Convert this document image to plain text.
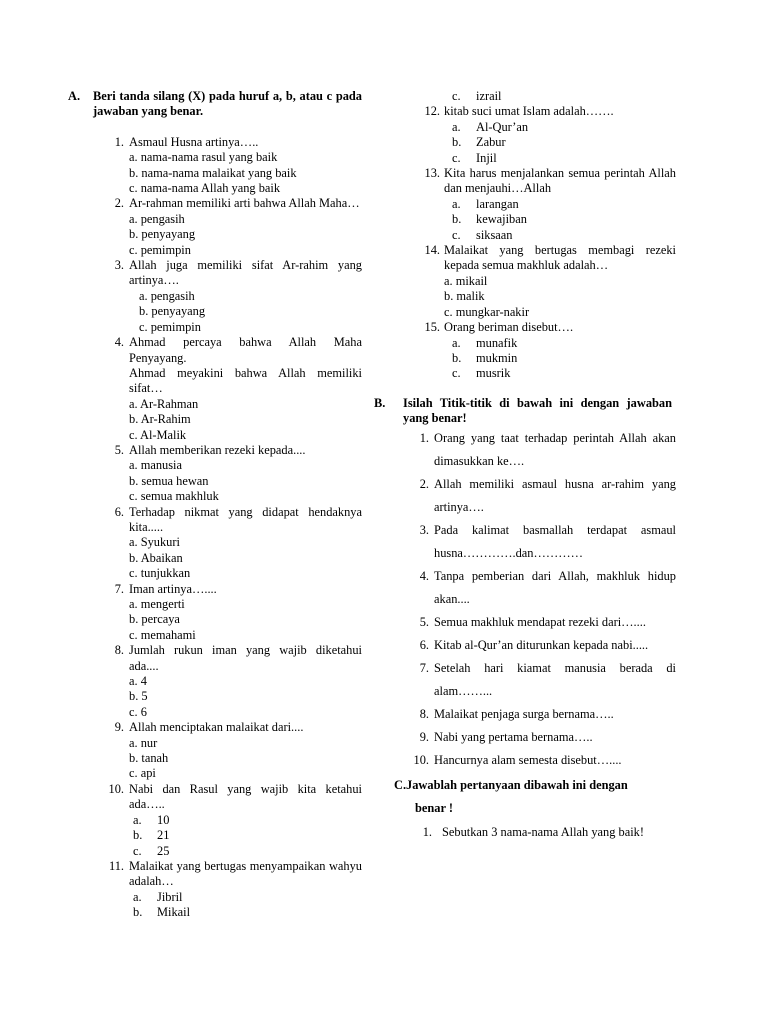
A. Beri tanda silang (X) pada huruf a, b, atau c pada jawaban yang benar.
1. Asmaul Husna artinya…..
a. nama-nama rasul yang baik
b. nama-nama malaikat yang baik
c. nama-nama Allah yang baik
2. Ar-rahman memiliki arti bahwa Allah Maha…
a. pengasih
b. penyayang
c. pemimpin
3. Allah juga memiliki sifat Ar-rahim yang artinya….
a. pengasih
b. penyayang
c. pemimpin
4. Ahmad percaya bahwa Allah Maha Penyayang.
Ahmad meyakini bahwa Allah memiliki sifat…
a. Ar-Rahman
b. Ar-Rahim
c. Al-Malik
5. Allah memberikan rezeki kepada....
a. manusia
b. semua hewan
c. semua makhluk
6. Terhadap nikmat yang didapat hendaknya kita.....
a. Syukuri
b. Abaikan
c. tunjukkan
7. Iman artinya…....
a. mengerti
b. percaya
c. memahami
8. Jumlah rukun iman yang wajib diketahui ada....
a. 4
b. 5
c. 6
9. Allah menciptakan malaikat dari....
a. nur
b. tanah
c. api
10. Nabi dan Rasul yang wajib kita ketahui ada…..
a.	10
b.	21
c.	25
11. Malaikat yang bertugas menyampaikan wahyu adalah…
a.	Jibril
b.	Mikail
c.	izrail
12. kitab suci umat Islam adalah…….
a.	Al-Qur’an
b.	Zabur
c.	Injil
13. Kita harus menjalankan semua perintah Allah dan menjauhi…Allah
a.	larangan
b.	kewajiban
c.	siksaan
14. Malaikat yang bertugas membagi rezeki kepada semua makhluk adalah…
a. mikail
b. malik
c. mungkar-nakir
15. Orang beriman disebut….
a.	munafik
b.	mukmin
c.	musrik
B. Isilah Titik-titik di bawah ini dengan jawaban yang benar!
1. Orang yang taat terhadap perintah Allah akan dimasukkan ke….
2. Allah memiliki asmaul husna ar-rahim yang artinya….
3. Pada kalimat basmallah terdapat asmaul husna………….dan…………
4. Tanpa pemberian dari Allah, makhluk hidup akan....
5. Semua makhluk mendapat rezeki dari…....
6. Kitab al-Qur’an diturunkan kepada nabi.....
7. Setelah hari kiamat manusia berada di alam……...
8. Malaikat penjaga surga bernama…..
9. Nabi yang pertama bernama…..
10. Hancurnya alam semesta disebut…....
C.Jawablah pertanyaan dibawah ini dengan
benar !
1. Sebutkan 3 nama-nama Allah yang baik!
